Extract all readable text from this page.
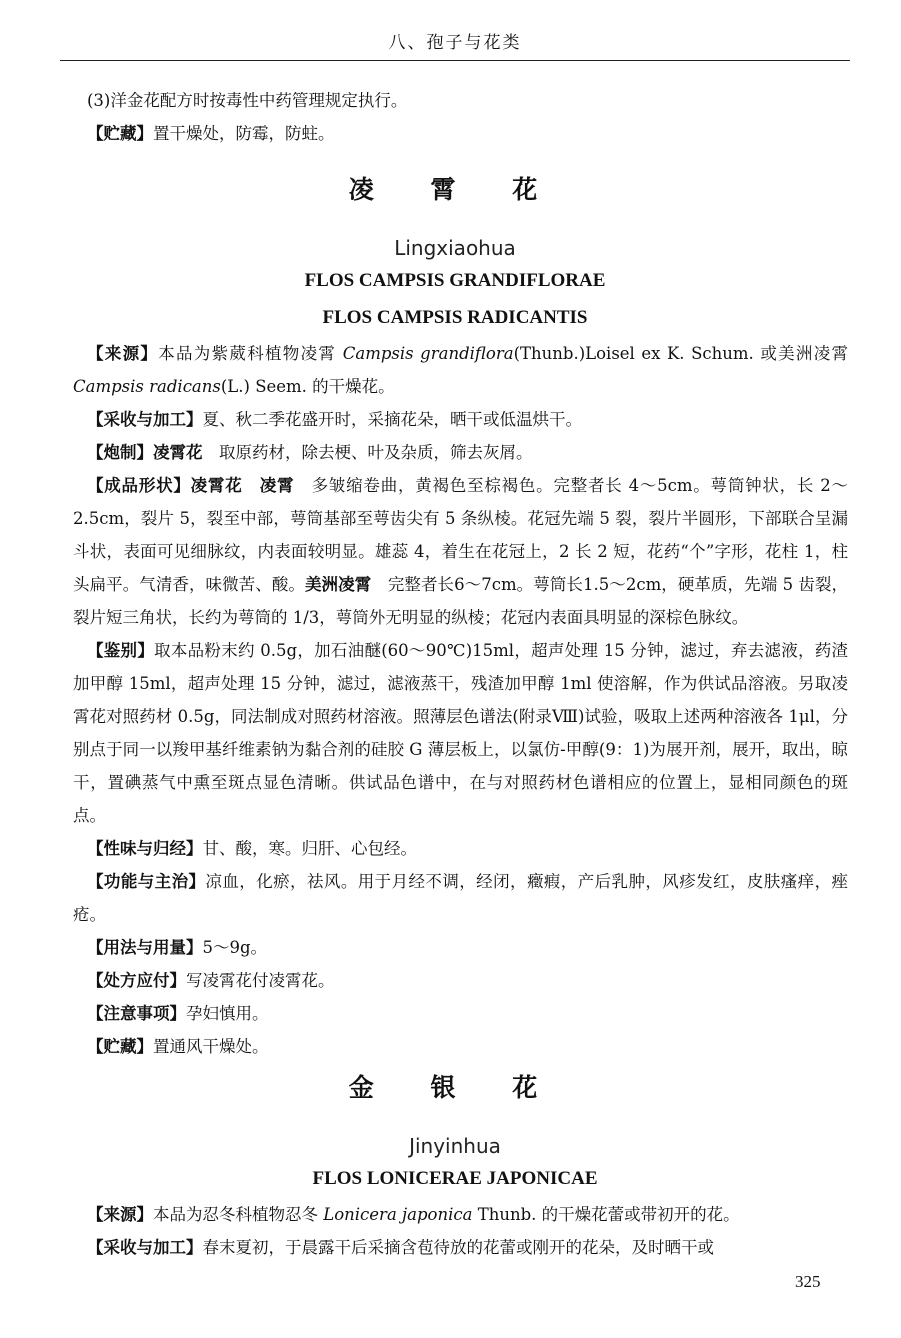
八、孢子与花类

(3)洋金花配方时按毒性中药管理规定执行。

【贮藏】置干燥处，防霉，防蛀。

凌 霄 花
Lingxiaohua
FLOS CAMPSIS GRANDIFLORAE
FLOS CAMPSIS RADICANTIS

【来源】本品为紫葳科植物凌霄 Campsis grandiflora(Thunb.)Loisel ex K. Schum. 或美洲凌霄 Campsis radicans(L.) Seem. 的干燥花。

【采收与加工】夏、秋二季花盛开时，采摘花朵，晒干或低温烘干。

【炮制】凌霄花　取原药材，除去梗、叶及杂质，筛去灰屑。

【成品形状】凌霄花　凌霄　多皱缩卷曲，黄褐色至棕褐色。完整者长 4～5cm。萼筒钟状，长 2～2.5cm，裂片 5，裂至中部，萼筒基部至萼齿尖有 5 条纵棱。花冠先端 5 裂，裂片半圆形，下部联合呈漏斗状，表面可见细脉纹，内表面较明显。雄蕊 4，着生在花冠上，2 长 2 短，花药“个”字形，花柱 1，柱头扁平。气清香，味微苦、酸。美洲凌霄　完整者长6～7cm。萼筒长1.5～2cm，硬革质，先端 5 齿裂，裂片短三角状，长约为萼筒的 1/3，萼筒外无明显的纵棱；花冠内表面具明显的深棕色脉纹。

【鉴别】取本品粉末约 0.5g，加石油醚(60～90℃)15ml，超声处理 15 分钟，滤过，弃去滤液，药渣加甲醇 15ml，超声处理 15 分钟，滤过，滤液蒸干，残渣加甲醇 1ml 使溶解，作为供试品溶液。另取凌霄花对照药材 0.5g，同法制成对照药材溶液。照薄层色谱法(附录Ⅷ)试验，吸取上述两种溶液各 1μl，分别点于同一以羧甲基纤维素钠为黏合剂的硅胶 G 薄层板上，以氯仿-甲醇(9：1)为展开剂，展开，取出，晾干，置碘蒸气中熏至斑点显色清晰。供试品色谱中，在与对照药材色谱相应的位置上，显相同颜色的斑点。

【性味与归经】甘、酸，寒。归肝、心包经。

【功能与主治】凉血，化瘀，祛风。用于月经不调，经闭，癥瘕，产后乳肿，风疹发红，皮肤瘙痒，痤疮。

【用法与用量】5～9g。

【处方应付】写凌霄花付凌霄花。

【注意事项】孕妇慎用。

【贮藏】置通风干燥处。

金 银 花
Jinyinhua
FLOS LONICERAE JAPONICAE

【来源】本品为忍冬科植物忍冬 Lonicera japonica Thunb. 的干燥花蕾或带初开的花。

【采收与加工】春末夏初，于晨露干后采摘含苞待放的花蕾或刚开的花朵，及时晒干或

325
